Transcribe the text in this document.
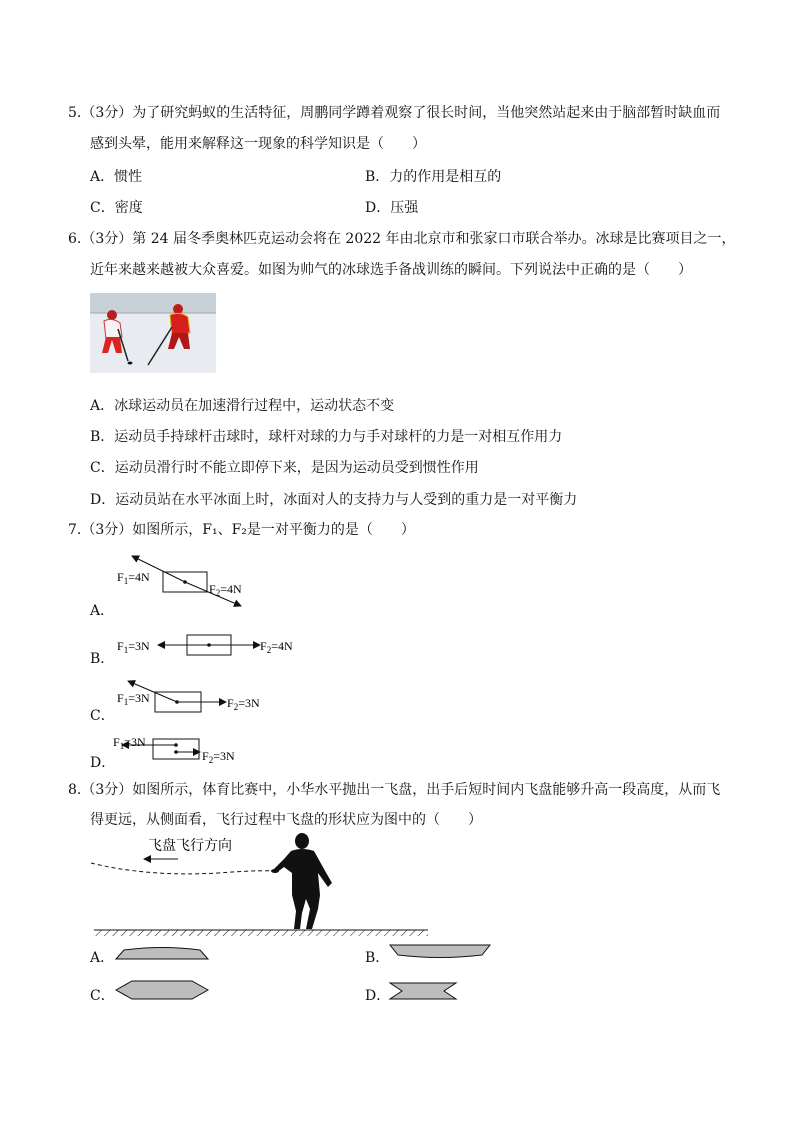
5.（3分）为了研究蚂蚁的生活特征，周鹏同学蹲着观察了很长时间，当他突然站起来由于脑部暂时缺血而
感到头晕，能用来解释这一现象的科学知识是（　　）
A．惯性	B．力的作用是相互的
C．密度	D．压强
6.（3分）第 24 届冬季奥林匹克运动会将在 2022 年由北京市和张家口市联合举办。冰球是比赛项目之一，
近年来越来越被大众喜爱。如图为帅气的冰球选手备战训练的瞬间。下列说法中正确的是（　　）
A．冰球运动员在加速滑行过程中，运动状态不变
B．运动员手持球杆击球时，球杆对球的力与手对球杆的力是一对相互作用力
C．运动员滑行时不能立即停下来，是因为运动员受到惯性作用
D．运动员站在水平冰面上时，冰面对人的支持力与人受到的重力是一对平衡力
7.（3分）如图所示，F₁、F₂是一对平衡力的是（　　）
A．
$F_1=4N$
$F_2=4N$
B．
$F_1=3N$	$F_2=4N$
C．
$F_1=3N$	$F_2=3N$
D．
$F_1=3N$
$F_2=3N$
8.（3分）如图所示，体育比赛中，小华水平抛出一飞盘，出手后短时间内飞盘能够升高一段高度，从而飞
得更远，从侧面看，飞行过程中飞盘的形状应为图中的（　　）
飞盘飞行方向
A．	B．
C．	D．
